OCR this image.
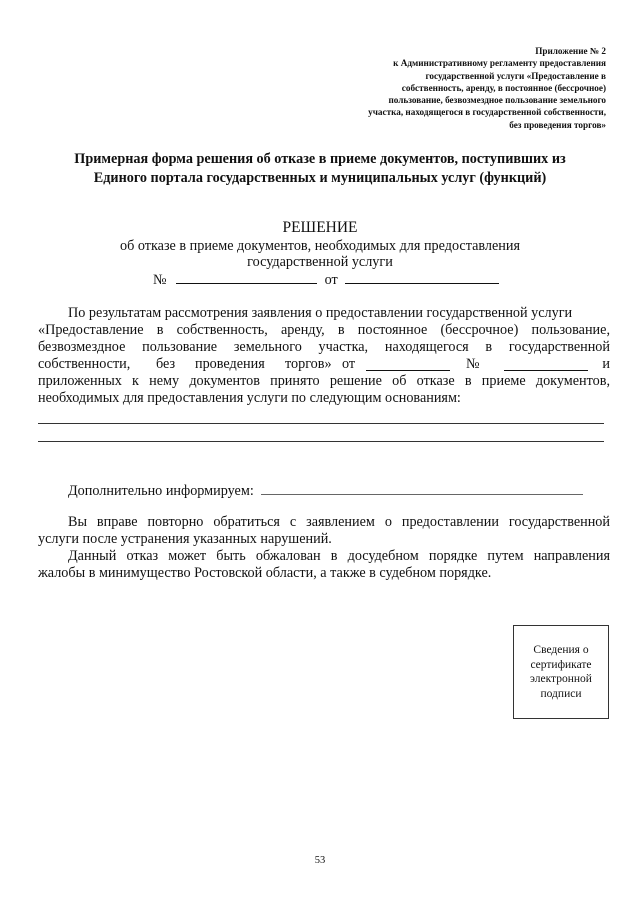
Приложение № 2
к Административному регламенту предоставления
государственной услуги «Предоставление в
собственность, аренду, в постоянное (бессрочное)
пользование, безвозмездное пользование земельного
участка, находящегося в государственной собственности,
без проведения торгов»
Примерная форма решения об отказе в приеме документов, поступивших из
Единого портала государственных и муниципальных услуг (функций)
РЕШЕНИЕ
об отказе в приеме документов, необходимых для предоставления
государственной услуги
№	от
По результатам рассмотрения заявления о предоставлении государственной услуги
«Предоставление в собственность, аренду, в постоянное (бессрочное) пользование,
безвозмездное пользование земельного участка, находящегося в государственной
собственности, без проведения торгов» от	№	и
приложенных к нему документов принято решение об отказе в приеме документов,
необходимых для предоставления услуги по следующим основаниям:
Дополнительно информируем:
Вы вправе повторно обратиться с заявлением о предоставлении государственной
услуги после устранения указанных нарушений.
Данный отказ может быть обжалован в досудебном порядке путем направления
жалобы в минимущество Ростовской области, а также в судебном порядке.
Сведения о
сертификате
электронной
подписи
53
